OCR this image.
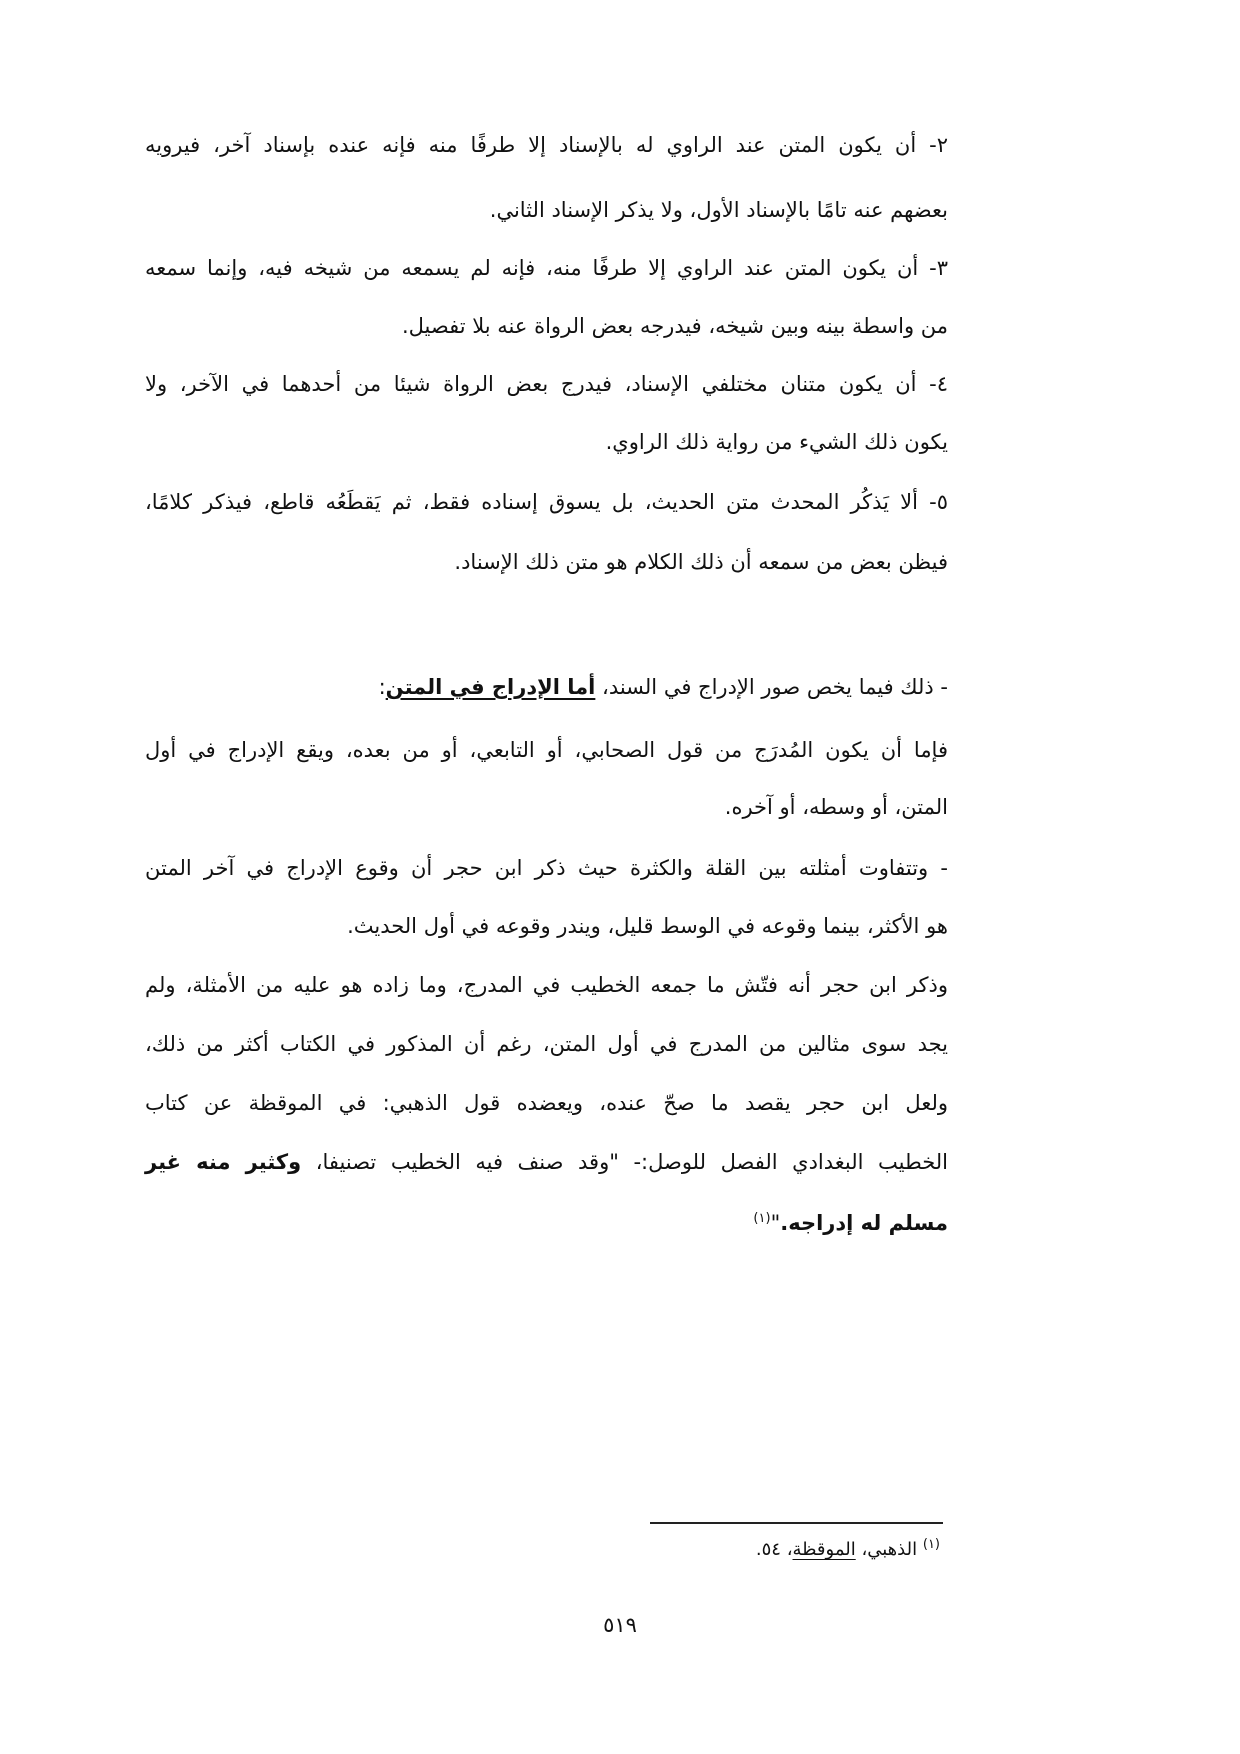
٢- أن يكون المتن عند الراوي له بالإسناد إلا طرفًا منه فإنه عنده بإسناد آخر، فيرويه
بعضهم عنه تامًا بالإسناد الأول، ولا يذكر الإسناد الثاني.
٣- أن يكون المتن عند الراوي إلا طرفًا منه، فإنه لم يسمعه من شيخه فيه، وإنما سمعه
من واسطة بينه وبين شيخه، فيدرجه بعض الرواة عنه بلا تفصيل.
٤- أن يكون متنان مختلفي الإسناد، فيدرج بعض الرواة شيئا من أحدهما في الآخر، ولا
يكون ذلك الشيء من رواية ذلك الراوي.
٥- ألا يَذكُر المحدث متن الحديث، بل يسوق إسناده فقط، ثم يَقطَعُه قاطع، فيذكر كلامًا،
فيظن بعض من سمعه أن ذلك الكلام هو متن ذلك الإسناد.
- ذلك فيما يخص صور الإدراج في السند، أما الإدراج في المتن:
فإما أن يكون المُدرَج من قول الصحابي، أو التابعي، أو من بعده، ويقع الإدراج في أول
المتن، أو وسطه، أو آخره.
- وتتفاوت أمثلته بين القلة والكثرة حيث ذكر ابن حجر أن وقوع الإدراج في آخر المتن
هو الأكثر، بينما وقوعه في الوسط قليل، ويندر وقوعه في أول الحديث.
وذكر ابن حجر أنه فتّش ما جمعه الخطيب في المدرج، وما زاده هو عليه من الأمثلة، ولم
يجد سوى مثالين من المدرج في أول المتن، رغم أن المذكور في الكتاب أكثر من ذلك،
ولعل ابن حجر يقصد ما صحّ عنده، ويعضده قول الذهبي: في الموقظة عن كتاب
الخطيب البغدادي الفصل للوصل:- "وقد صنف فيه الخطيب تصنيفا، وكثير منه غير
مسلم له إدراجه."$^{(١)}$
$^{(١)}$ الذهبي، الموقظة، ٥٤.
٥١٩
